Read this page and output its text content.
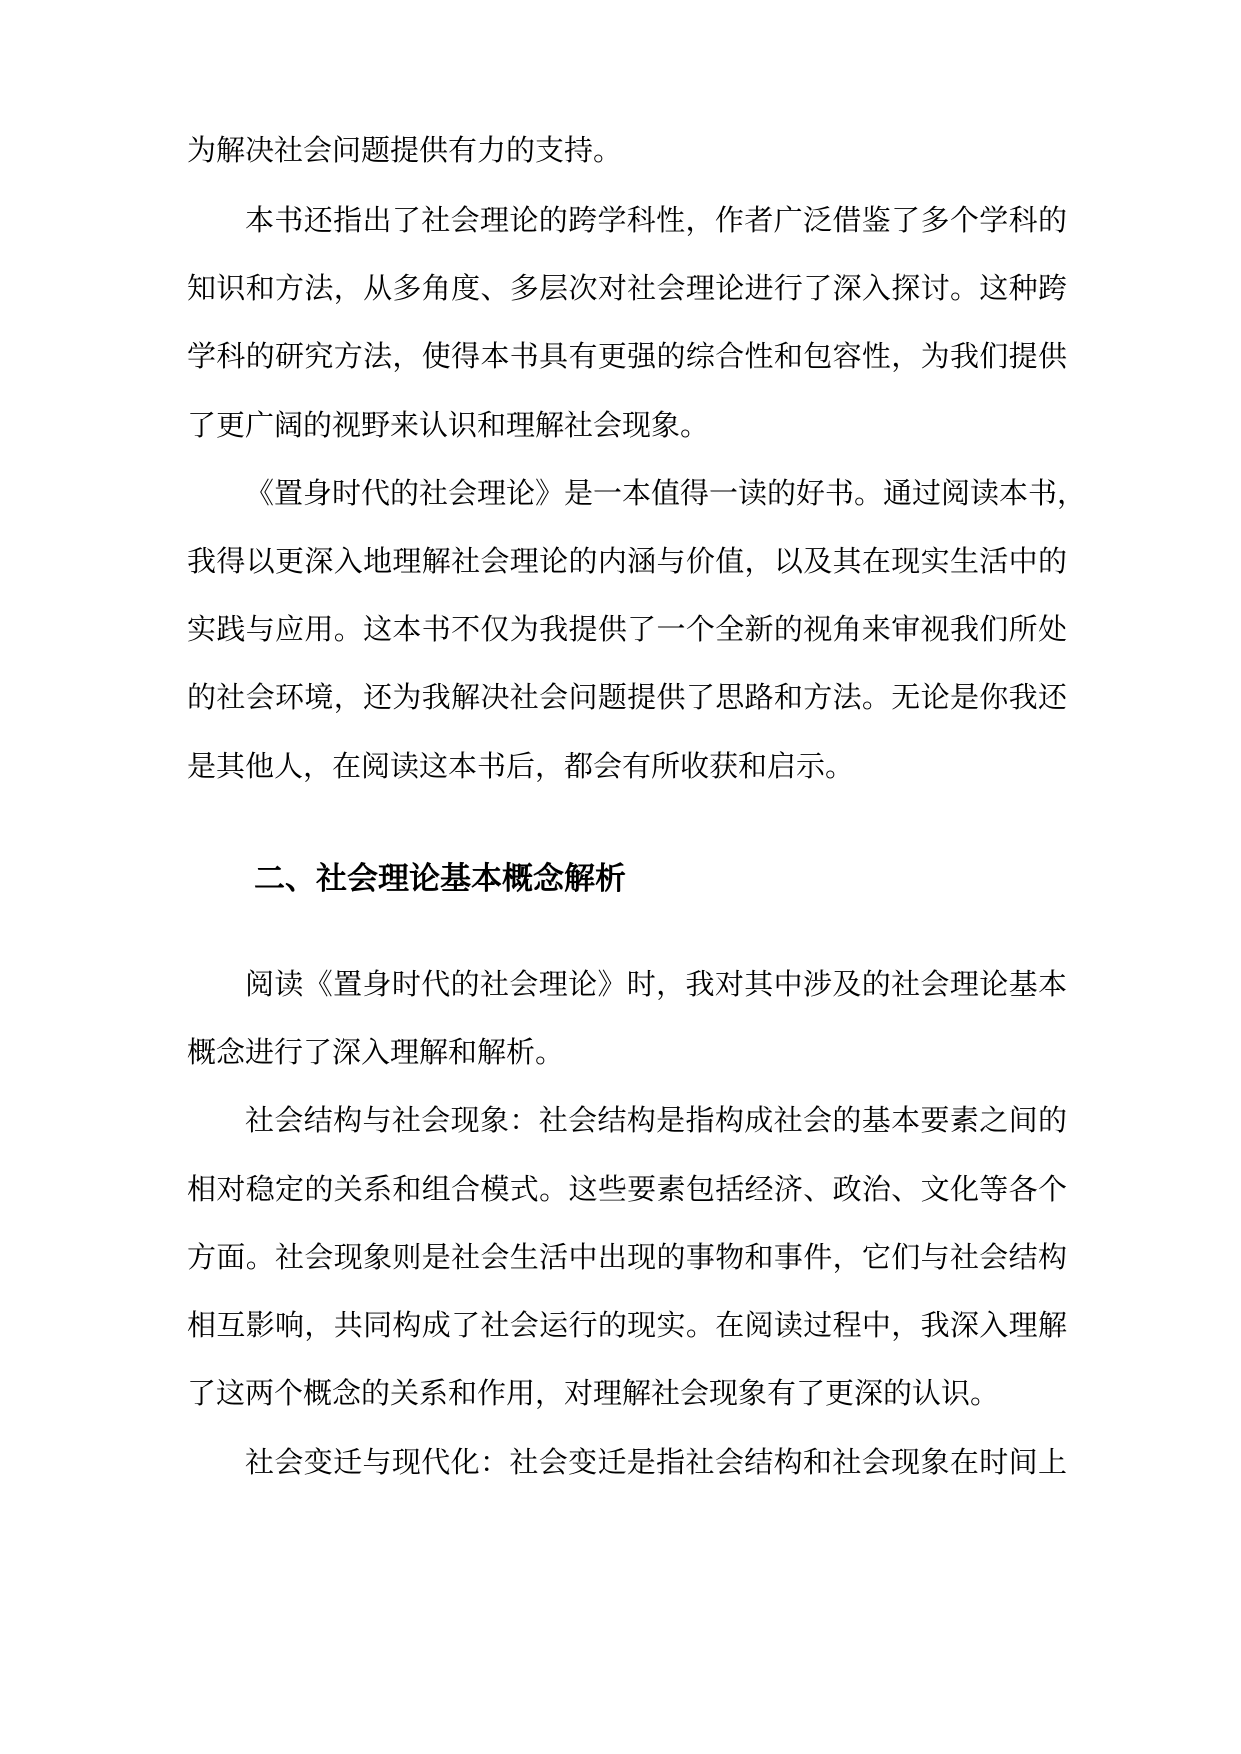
为解决社会问题提供有力的支持。

本书还指出了社会理论的跨学科性，作者广泛借鉴了多个学科的

知识和方法，从多角度、多层次对社会理论进行了深入探讨。这种跨

学科的研究方法，使得本书具有更强的综合性和包容性，为我们提供

了更广阔的视野来认识和理解社会现象。

《置身时代的社会理论》是一本值得一读的好书。通过阅读本书，

我得以更深入地理解社会理论的内涵与价值，以及其在现实生活中的

实践与应用。这本书不仅为我提供了一个全新的视角来审视我们所处

的社会环境，还为我解决社会问题提供了思路和方法。无论是你我还

是其他人，在阅读这本书后，都会有所收获和启示。

二、社会理论基本概念解析

阅读《置身时代的社会理论》时，我对其中涉及的社会理论基本

概念进行了深入理解和解析。

社会结构与社会现象：社会结构是指构成社会的基本要素之间的

相对稳定的关系和组合模式。这些要素包括经济、政治、文化等各个

方面。社会现象则是社会生活中出现的事物和事件，它们与社会结构

相互影响，共同构成了社会运行的现实。在阅读过程中，我深入理解

了这两个概念的关系和作用，对理解社会现象有了更深的认识。

社会变迁与现代化：社会变迁是指社会结构和社会现象在时间上
